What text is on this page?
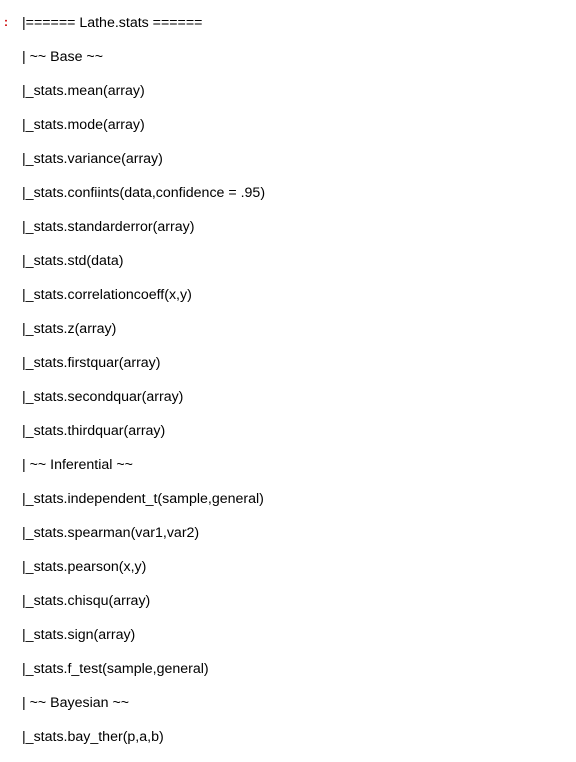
: |====== Lathe.stats ======
| ~~ Base ~~
|_stats.mean(array)
|_stats.mode(array)
|_stats.variance(array)
|_stats.confiints(data,confidence = .95)
|_stats.standarderror(array)
|_stats.std(data)
|_stats.correlationcoeff(x,y)
|_stats.z(array)
|_stats.firstquar(array)
|_stats.secondquar(array)
|_stats.thirdquar(array)
| ~~ Inferential ~~
|_stats.independent_t(sample,general)
|_stats.spearman(var1,var2)
|_stats.pearson(x,y)
|_stats.chisqu(array)
|_stats.sign(array)
|_stats.f_test(sample,general)
| ~~ Bayesian ~~
|_stats.bay_ther(p,a,b)
